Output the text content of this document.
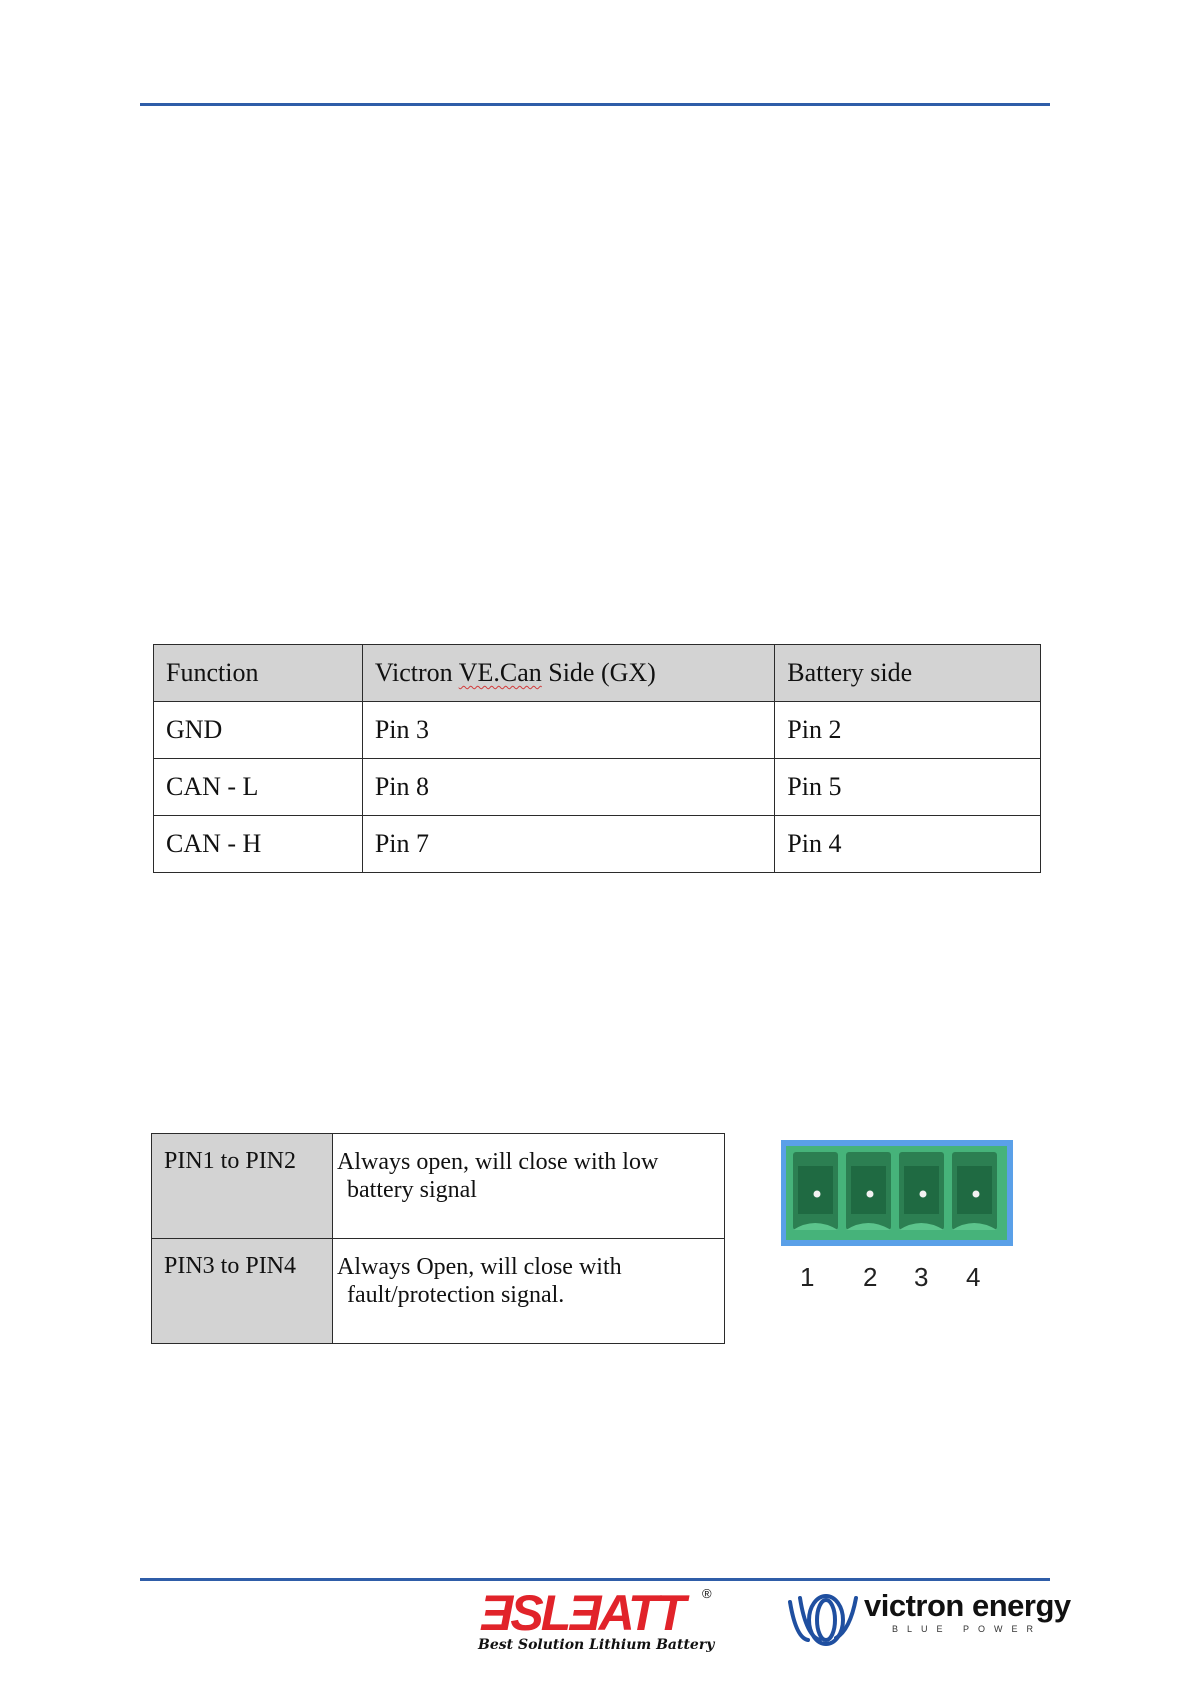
Function	Victron VE.Can Side (GX)	Battery side
GND	Pin 3	Pin 2
CAN - L	Pin 8	Pin 5
CAN - H	Pin 7	Pin 4
PIN1 to PIN2	Always open, will close with low
battery signal

PIN3 to PIN4	Always Open, will close with
fault/protection signal.
1 2 3 4
ƎSLƎATT ®
Best Solution Lithium Battery
victron energy
BLUE POWER
